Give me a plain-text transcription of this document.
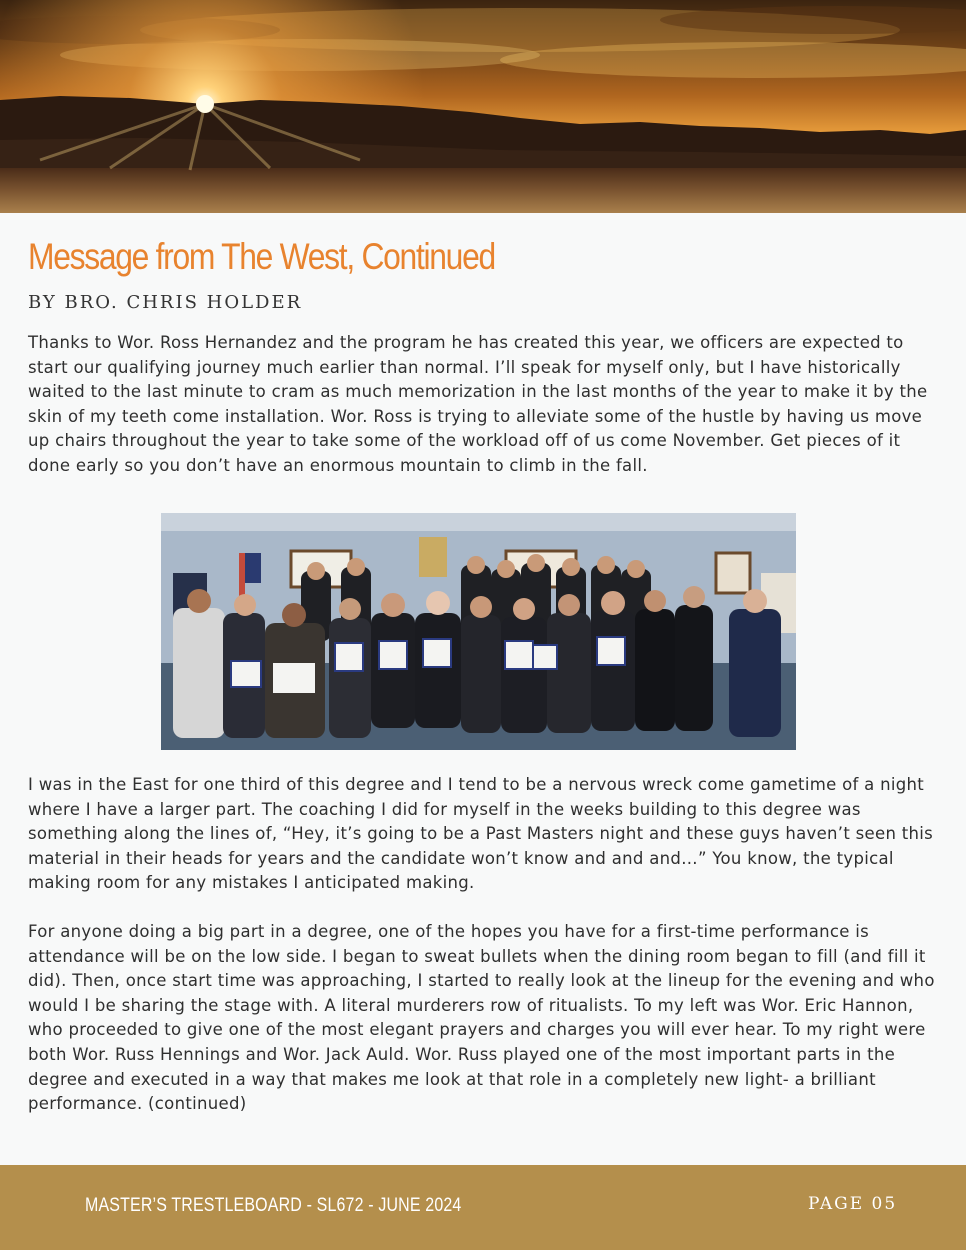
Message from The West, Continued
BY BRO. CHRIS HOLDER

Thanks to Wor. Ross Hernandez and the program he has created this year, we officers are expected to start our qualifying journey much earlier than normal. I’ll speak for myself only, but I have historically waited to the last minute to cram as much memorization in the last months of the year to make it by the skin of my teeth come installation. Wor. Ross is trying to alleviate some of the hustle by having us move up chairs throughout the year to take some of the workload off of us come November. Get pieces of it done early so you don’t have an enormous mountain to climb in the fall.

I was in the East for one third of this degree and I tend to be a nervous wreck come gametime of a night where I have a larger part. The coaching I did for myself in the weeks building to this degree was something along the lines of, “Hey, it’s going to be a Past Masters night and these guys haven’t seen this material in their heads for years and the candidate won’t know and and and…” You know, the typical making room for any mistakes I anticipated making.

For anyone doing a big part in a degree, one of the hopes you have for a first-time performance is attendance will be on the low side. I began to sweat bullets when the dining room began to fill (and fill it did). Then, once start time was approaching, I started to really look at the lineup for the evening and who would I be sharing the stage with. A literal murderers row of ritualists. To my left was Wor. Eric Hannon, who proceeded to give one of the most elegant prayers and charges you will ever hear. To my right were both Wor. Russ Hennings and Wor. Jack Auld. Wor. Russ played one of the most important parts in the degree and executed in a way that makes me look at that role in a completely new light- a brilliant performance. (continued)

MASTER’S TRESTLEBOARD - SL672 - JUNE 2024	PAGE 05
